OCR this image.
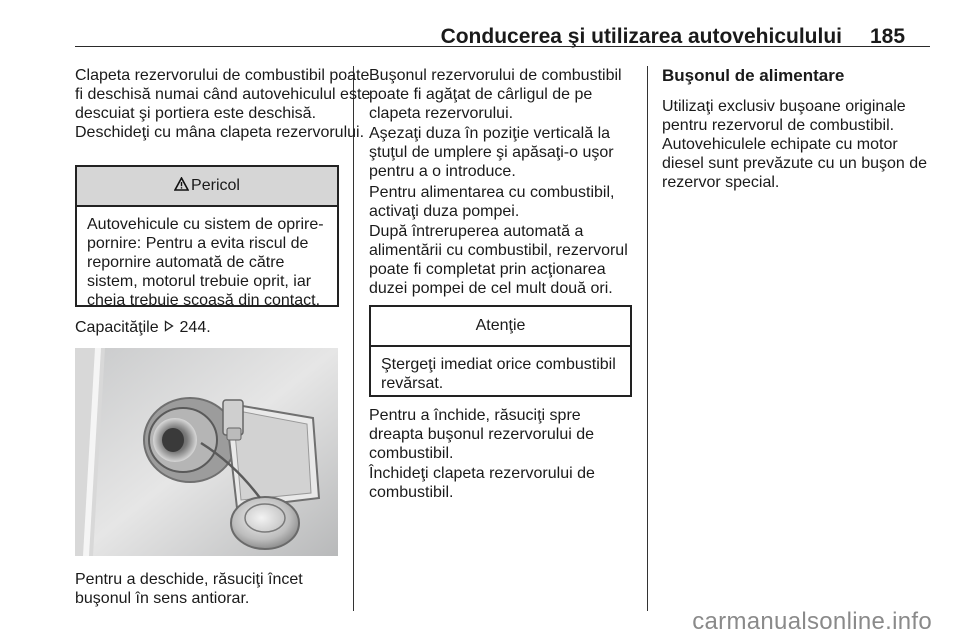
Conducerea şi utilizarea autovehiculului 185

Clapeta rezervorului de combustibil poate fi deschisă numai când autovehiculul este descuiat şi portiera este deschisă. Deschideţi cu mâna clapeta rezervorului.

Pericol
Autovehicule cu sistem de oprire-pornire: Pentru a evita riscul de repornire automată de către sistem, motorul trebuie oprit, iar cheia trebuie scoasă din contact.

Capacităţile 244.

Pentru a deschide, răsuciţi încet buşonul în sens antiorar.

Buşonul rezervorului de combustibil poate fi agăţat de cârligul de pe clapeta rezervorului.

Aşezaţi duza în poziţie verticală la ştuţul de umplere şi apăsaţi-o uşor pentru a o introduce.

Pentru alimentarea cu combustibil, activaţi duza pompei.

După întreruperea automată a alimentării cu combustibil, rezervorul poate fi completat prin acţionarea duzei pompei de cel mult două ori.

Atenţie
Ştergeţi imediat orice combustibil revărsat.

Pentru a închide, răsuciţi spre dreapta buşonul rezervorului de combustibil.

Închideţi clapeta rezervorului de combustibil.

Buşonul de alimentare

Utilizaţi exclusiv buşoane originale pentru rezervorul de combustibil. Autovehiculele echipate cu motor diesel sunt prevăzute cu un buşon de rezervor special.

carmanualsonline.info
